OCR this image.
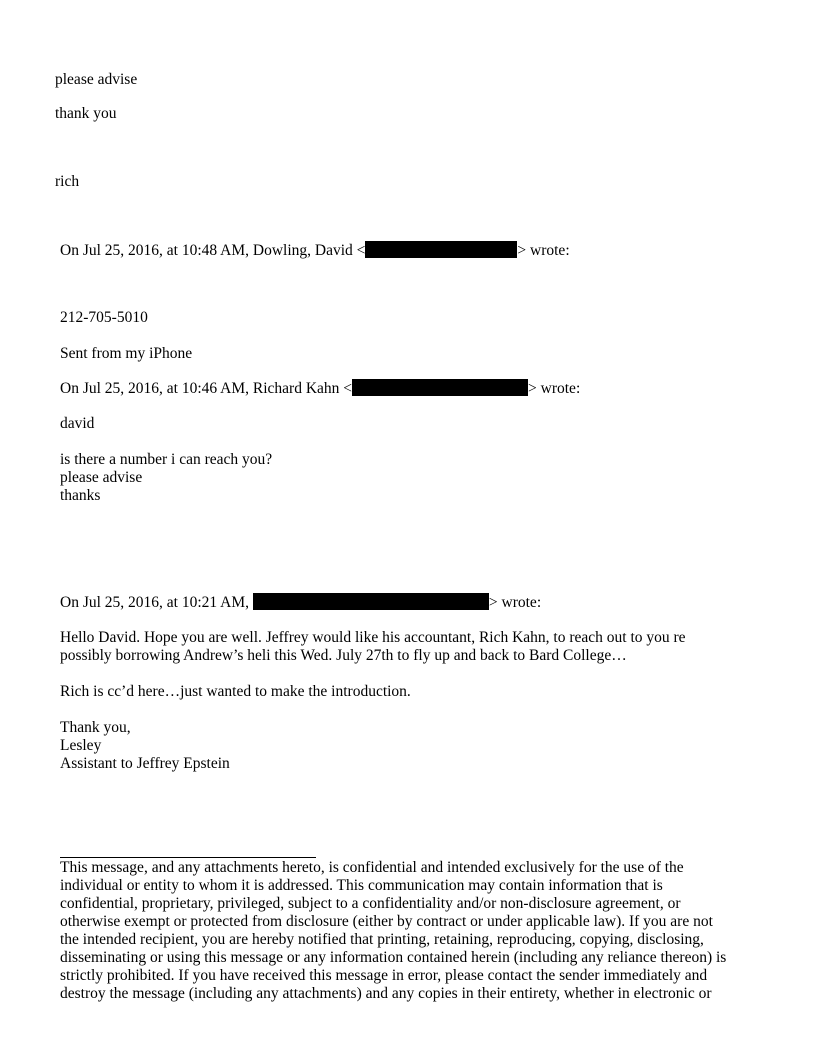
please advise
thank you
rich
On Jul 25, 2016, at 10:48 AM, Dowling, David <	> wrote:
212-705-5010
Sent from my iPhone
On Jul 25, 2016, at 10:46 AM, Richard Kahn <	> wrote:
david
is there a number i can reach you?
please advise
thanks
On Jul 25, 2016, at 10:21 AM,	> wrote:
Hello David. Hope you are well. Jeffrey would like his accountant, Rich Kahn, to reach out to you re
possibly borrowing Andrew’s heli this Wed. July 27th to fly up and back to Bard College…
Rich is cc’d here…just wanted to make the introduction.
Thank you,
Lesley
Assistant to Jeffrey Epstein
This message, and any attachments hereto, is confidential and intended exclusively for the use of the
individual or entity to whom it is addressed. This communication may contain information that is
confidential, proprietary, privileged, subject to a confidentiality and/or non-disclosure agreement, or
otherwise exempt or protected from disclosure (either by contract or under applicable law). If you are not
the intended recipient, you are hereby notified that printing, retaining, reproducing, copying, disclosing,
disseminating or using this message or any information contained herein (including any reliance thereon) is
strictly prohibited. If you have received this message in error, please contact the sender immediately and
destroy the message (including any attachments) and any copies in their entirety, whether in electronic or
